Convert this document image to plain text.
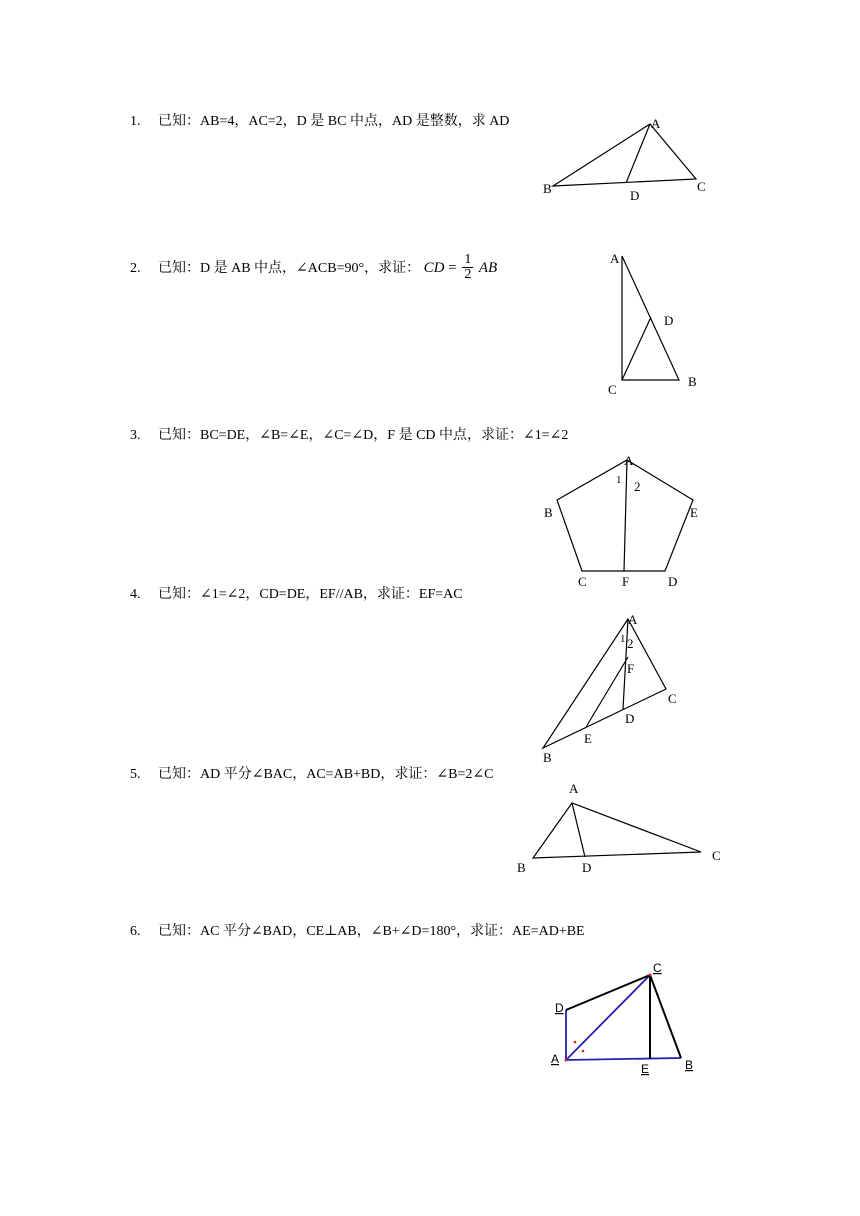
1. 已知：AB=4，AC=2，D 是 BC 中点，AD 是整数，求 AD	A
B	C
D
2. 已知：D 是 AB 中点，∠ACB=90°，求证： CD = $\frac{1}{2}$ AB
A
D
C
B
3. 已知：BC=DE，∠B=∠E，∠C=∠D，F 是 CD 中点，求证：∠1=∠2
A
1 2
B	E
C	F	D
4. 已知：∠1=∠2，CD=DE，EF//AB，求证：EF=AC
A
1 2
F
C
D
E
B
5. 已知：AD 平分∠BAC，AC=AB+BD，求证：∠B=2∠C
A
B	D
C
6. 已知：AC 平分∠BAD，CE⊥AB，∠B+∠D=180°，求证：AE=AD+BE
C
D
A
E	B
